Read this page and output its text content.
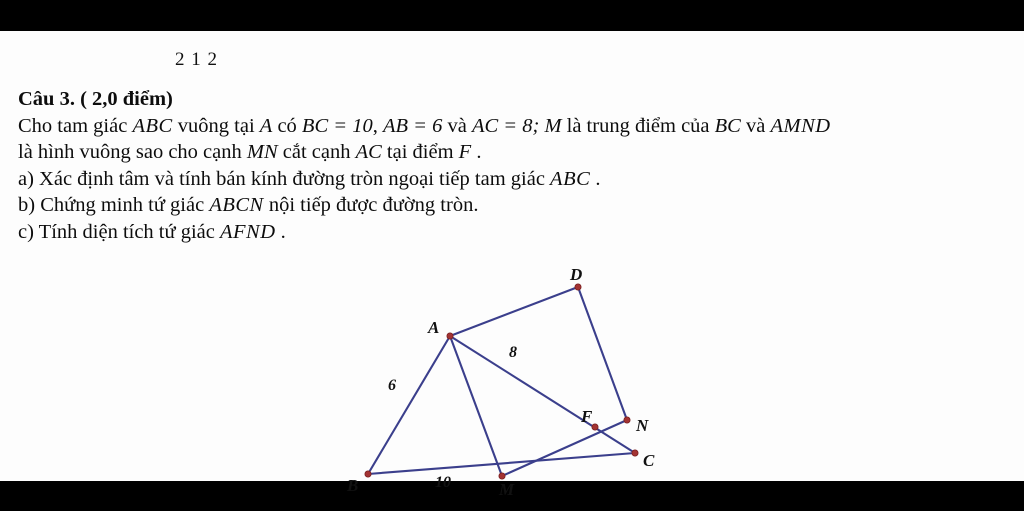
2 1 2
Câu 3. ( 2,0 điểm)
Cho tam giác ABC vuông tại A có BC = 10, AB = 6 và AC = 8; M là trung điểm của BC và AMND
là hình vuông sao cho cạnh MN cắt cạnh AC tại điểm F .
a) Xác định tâm và tính bán kính đường tròn ngoại tiếp tam giác ABC .
b) Chứng minh tứ giác ABCN nội tiếp được đường tròn.
c) Tính diện tích tứ giác AFND .
A
B
C
M
D
N
F
6
8
10
